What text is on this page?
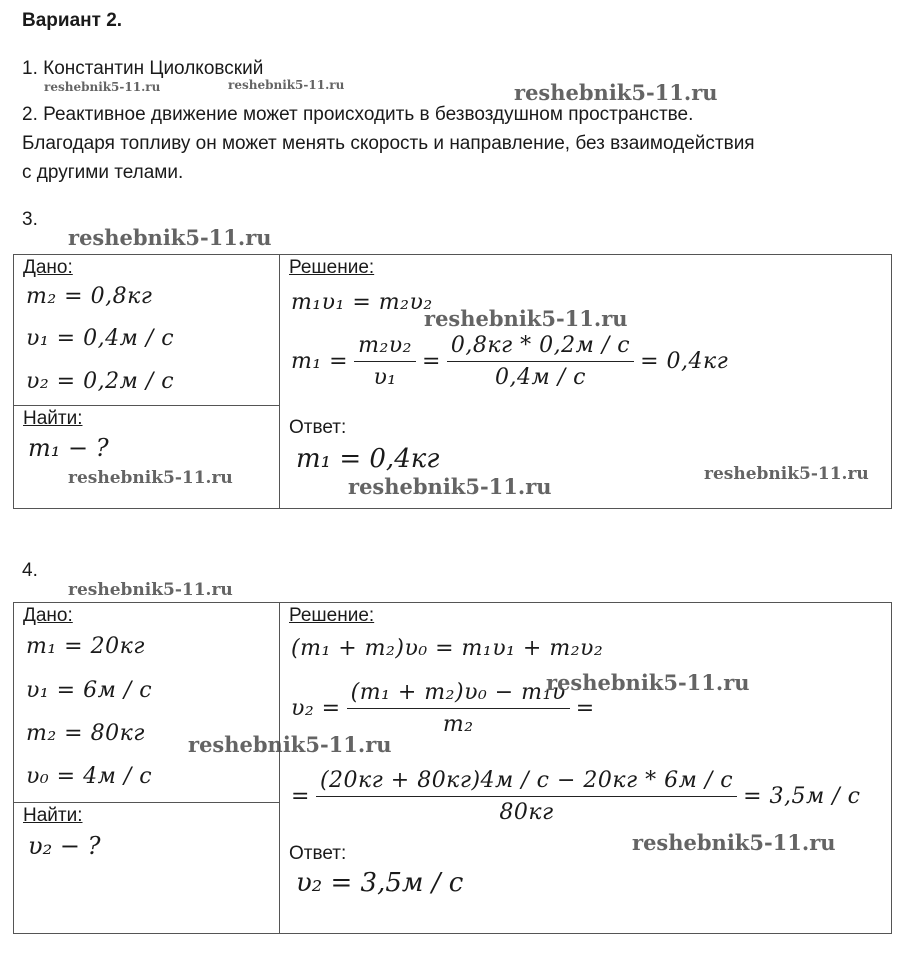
Вариант 2.
1. Константин Циолковский
reshebnik5-11.ru	reshebnik5-11.ru	reshebnik5-11.ru
2. Реактивное движение может происходить в безвоздушном пространстве.
Благодаря топливу он может менять скорость и направление, без взаимодействия
с другими телами.
3.
reshebnik5-11.ru
Дано:
m₂ = 0,8кг
υ₁ = 0,4м / с
υ₂ = 0,2м / с
Найти:
m₁ − ?
reshebnik5-11.ru
Решение:
m₁υ₁ = m₂υ₂
reshebnik5-11.ru
$m_1 = \frac{\text{m₂υ₂}}{\text{υ₁}} = \frac{0,8кг * 0,2м / с}{0,4м / с} = 0,4кг$
Ответ:
m₁ = 0,4кг
reshebnik5-11.ru	reshebnik5-11.ru
4.
reshebnik5-11.ru
Дано:
m₁ = 20кг
υ₁ = 6м / с
m₂ = 80кг
υ₀ = 4м / с
reshebnik5-11.ru
Найти:
υ₂ − ?
Решение:
(m₁ + m₂)υ₀ = m₁υ₁ + m₂υ₂
$\upsilon_2 = \frac{\text{(m₁ + m₂)υ₀ − m₁υ}}{\text{m₂}}$ =
reshebnik5-11.ru
= $\frac{(20кг + 80кг)4м / с - 20кг * 6м / с}{80кг} = 3,5м / с$
reshebnik5-11.ru
Ответ:
υ₂ = 3,5м / с
